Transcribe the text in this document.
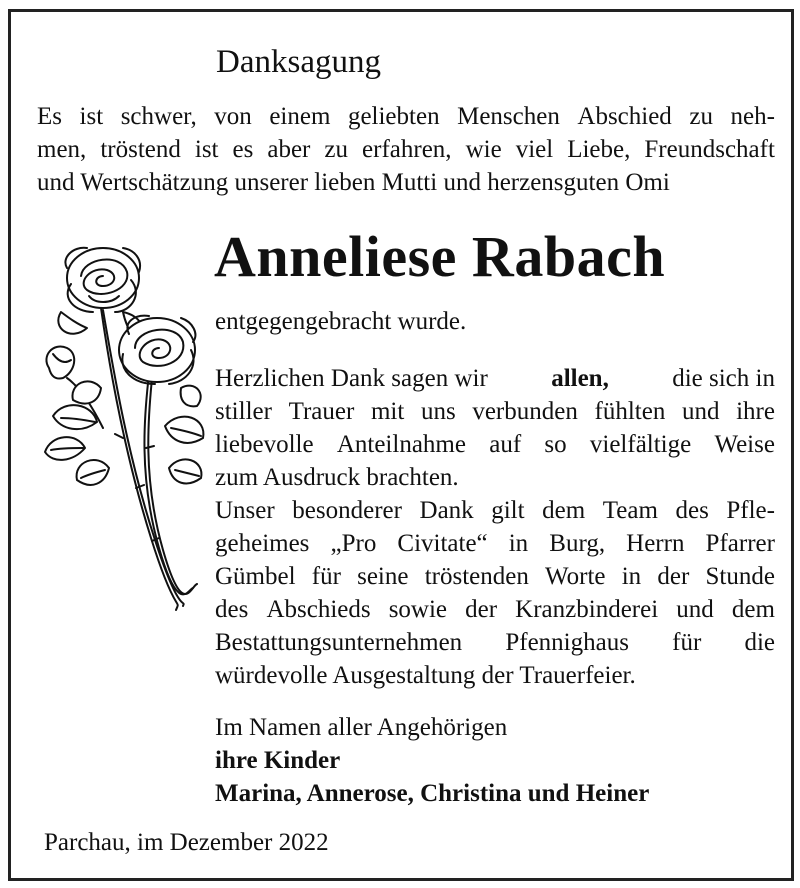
Danksagung
Es ist schwer, von einem geliebten Menschen Abschied zu neh-
men, tröstend ist es aber zu erfahren, wie viel Liebe, Freundschaft
und Wertschätzung unserer lieben Mutti und herzensguten Omi
Anneliese Rabach
entgegengebracht wurde.
Herzlichen Dank sagen wir	allen,	die sich in
stiller Trauer mit uns verbunden fühlten und ihre
liebevolle Anteilnahme auf so vielfältige Weise
zum Ausdruck brachten.
Unser besonderer Dank gilt dem Team des Pfle-
geheimes „Pro Civitate“ in Burg, Herrn Pfarrer
Gümbel für seine tröstenden Worte in der Stunde
des Abschieds sowie der Kranzbinderei und dem
Bestattungsunternehmen Pfennighaus für die
würdevolle Ausgestaltung der Trauerfeier.
Im Namen aller Angehörigen
ihre Kinder
Marina, Annerose, Christina und Heiner
Parchau, im Dezember 2022
